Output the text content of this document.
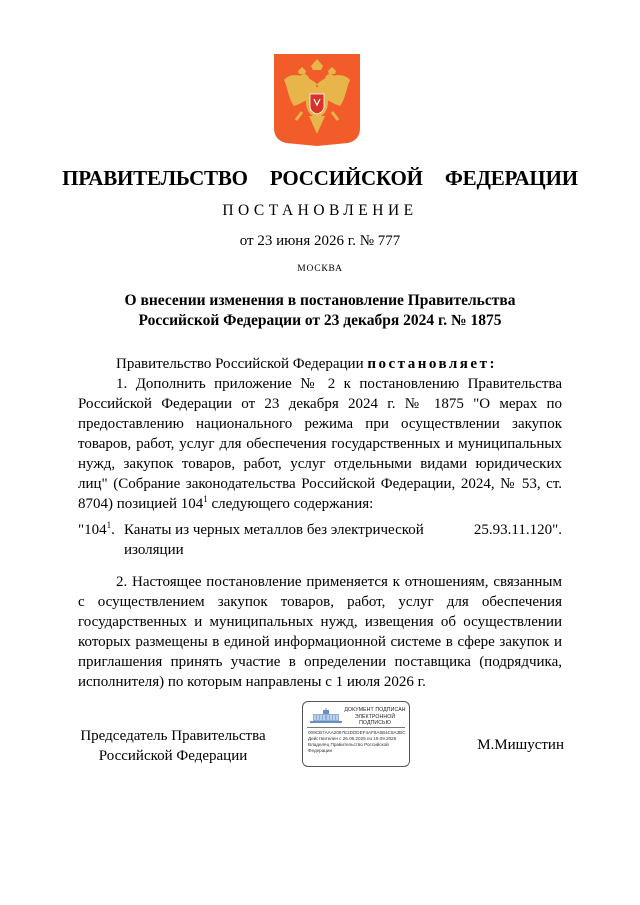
ПРАВИТЕЛЬСТВО  РОССИЙСКОЙ  ФЕДЕРАЦИИ
ПОСТАНОВЛЕНИЕ
от 23 июня 2026 г. № 777
МОСКВА
О внесении изменения в постановление Правительства
Российской Федерации от 23 декабря 2024 г. № 1875
Правительство Российской Федерации постановляет:
1. Дополнить приложение № 2 к постановлению Правительства Российской Федерации от 23 декабря 2024 г. № 1875 "О мерах по предоставлению национального режима при осуществлении закупок товаров, работ, услуг для обеспечения государственных и муниципальных нужд, закупок товаров, работ, услуг отдельными видами юридических лиц" (Собрание законодательства Российской Федерации, 2024, № 53, ст. 8704) позицией $104^1$ следующего содержания:
"$104^1$. Канаты из черных металлов без электрической изоляции
25.93.11.120".
2. Настоящее постановление применяется к отношениям, связанным с осуществлением закупок товаров, работ, услуг для обеспечения государственных и муниципальных нужд, извещения об осуществлении которых размещены в единой информационной системе в сфере закупок и приглашения принять участие в определении поставщика (подрядчика, исполнителя) по которым направлены с 1 июля 2026 г.
Председатель Правительства
Российской Федерации
ДОКУМЕНТ ПОДПИСАН
ЭЛЕКТРОННОЙ ПОДПИСЬЮ
009CB7AAA2097E2DDDEF4AF8A6B4C8A3BC
Действителен с 26.06.2025 по 19.09.2026
Владелец Правительство Российской Федерации	М.Мишустин
